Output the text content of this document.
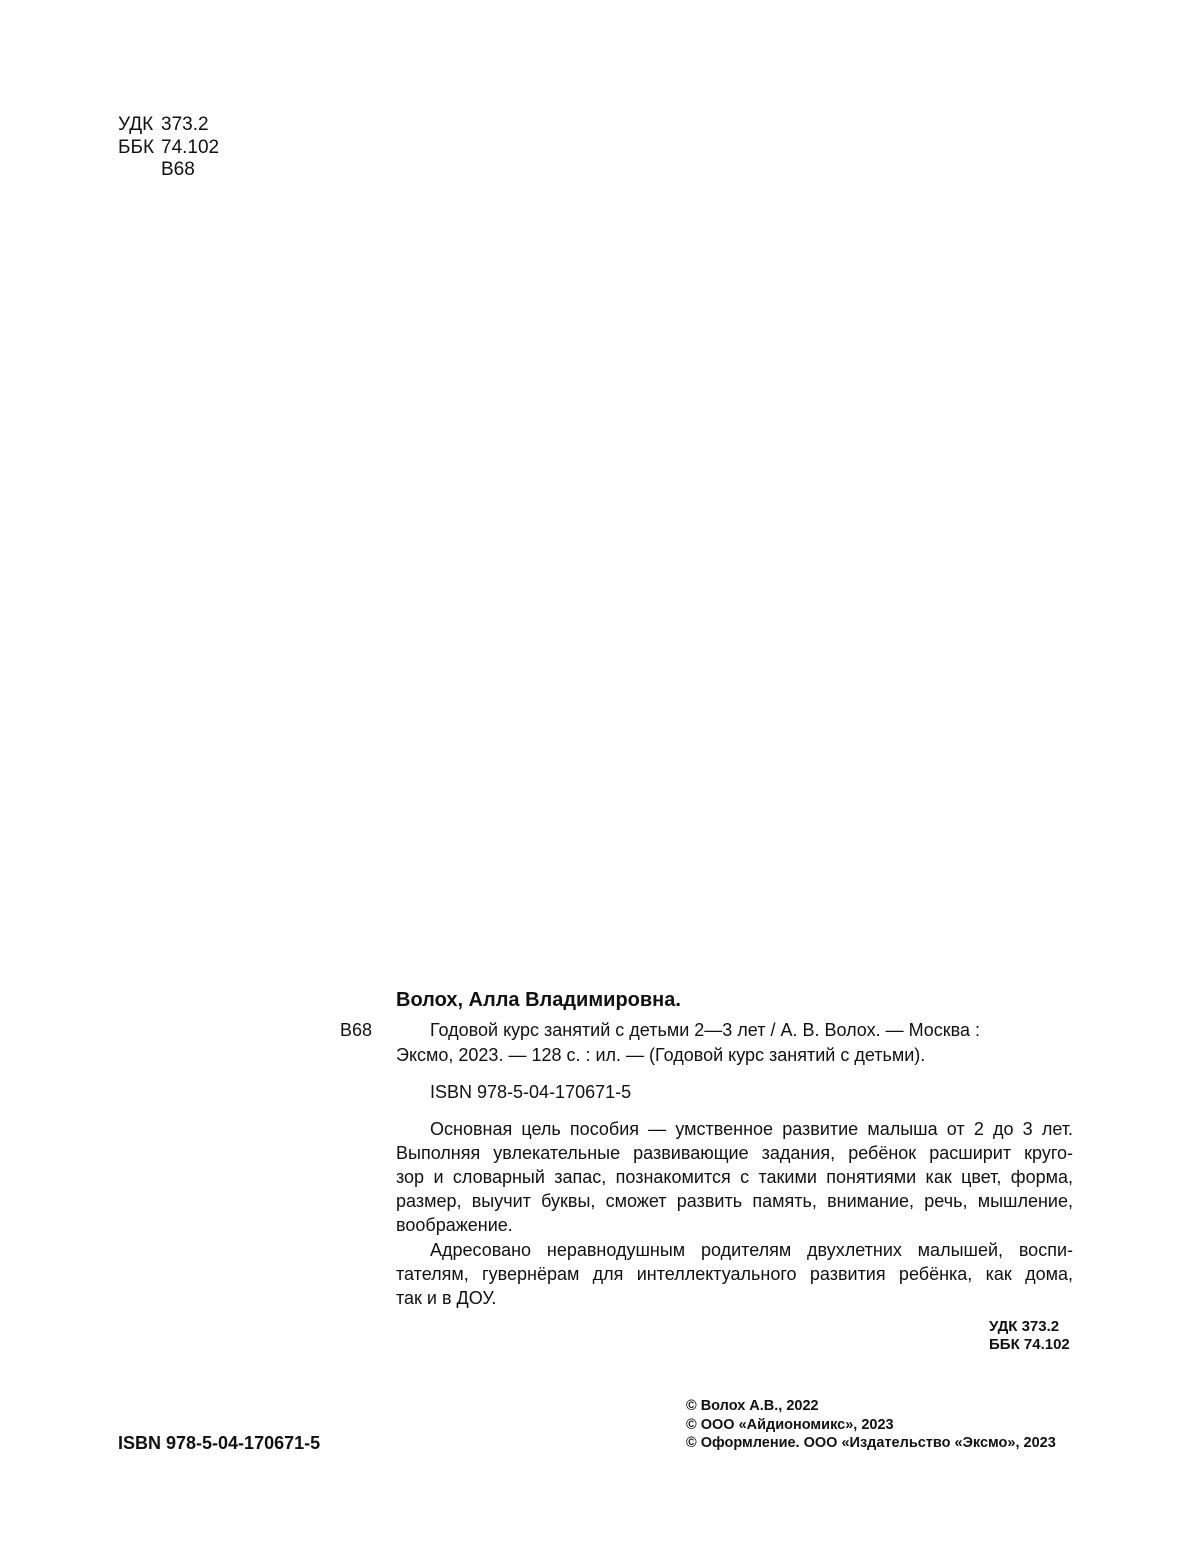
УДК 373.2
ББК 74.102
В68
Волох, Алла Владимировна.
В68	Годовой курс занятий с детьми 2—3 лет / А. В. Волох. — Москва :
Эксмо, 2023. — 128 с. : ил. — (Годовой курс занятий с детьми).
ISBN 978-5-04-170671-5
Основная цель пособия — умственное развитие малыша от 2 до 3 лет.
Выполняя увлекательные развивающие задания, ребёнок расширит круго-
зор и словарный запас, познакомится с такими понятиями как цвет, форма,
размер, выучит буквы, сможет развить память, внимание, речь, мышление,
воображение.
Адресовано неравнодушным родителям двухлетних малышей, воспи-
тателям, гувернёрам для интеллектуального развития ребёнка, как дома,
так и в ДОУ.
УДК 373.2
ББК 74.102
© Волох А.В., 2022
© ООО «Айдиономикс», 2023
© Оформление. ООО «Издательство «Эксмо», 2023
ISBN 978-5-04-170671-5
